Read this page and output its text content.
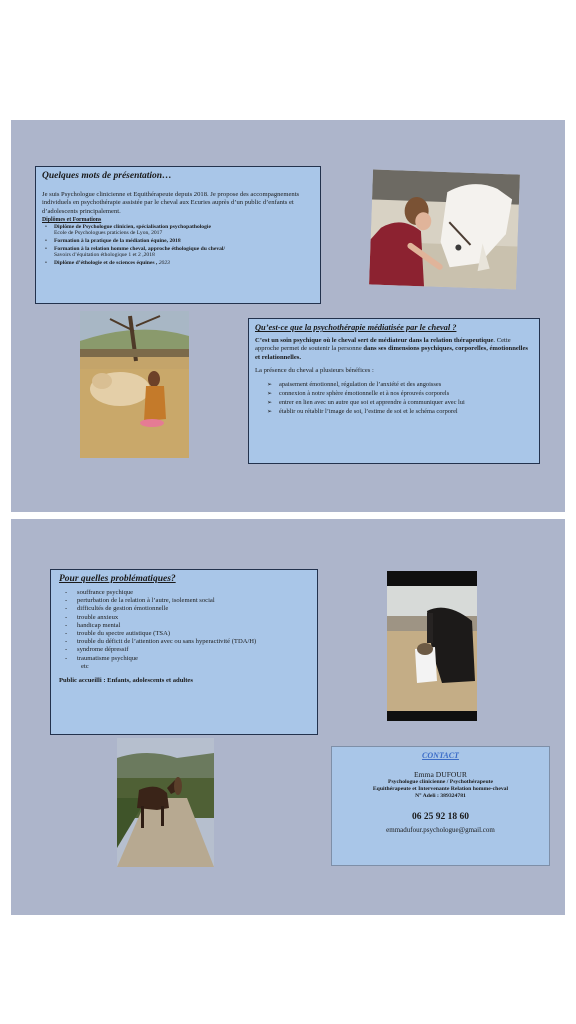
Quelques mots de présentation…

Je suis Psychologue clinicienne et Equithérapeute depuis 2018. Je propose des accompagnements individuels en psychothérapie assistée par le cheval aux Ecuries auprès d’un public d’enfants et d’adolescents principalement.

Diplômes et Formations
• Diplôme de Psychologue clinicien, spécialisation psychopathologie
Ecole de Psychologues praticiens de Lyon, 2017
• Formation à la pratique de la médiation équine, 2018
• Formation à la relation homme cheval, approche éthologique du cheval/
Savoirs d’équitation éthologique 1 et 2 ,2018
• Diplôme d’éthologie et de sciences équines , 2023
Qu’est-ce que la psychothérapie médiatisée par le cheval ?

C’est un soin psychique où le cheval sert de médiateur dans la relation thérapeutique. Cette approche permet de soutenir la personne dans ses dimensions psychiques, corporelles, émotionnelles et relationnelles.

La présence du cheval a plusieurs bénéfices :

➢ apaisement émotionnel, régulation de l’anxiété et des angoisses
➢ connexion à notre sphère émotionnelle et à nos éprouvés corporels
➢ entrer en lien avec un autre que soi et apprendre à communiquer avec lui
➢ établir ou rétablir l’image de soi, l’estime de soi et le schéma corporel
Pour quelles problématiques?
- souffrance psychique
- perturbation de la relation à l’autre, isolement social
- difficultés de gestion émotionnelle
- trouble anxieux
- handicap mental
- trouble du spectre autistique (TSA)
- trouble du déficit de l’attention avec ou sans hyperactivité (TDA/H)
- syndrome dépressif
- traumatisme psychique
etc
Public accueilli : Enfants, adolescents et adultes
CONTACT
Emma DUFOUR
Psychologue clinicienne / Psychothérapeute
Equithérapeute et Intervenante Relation homme-cheval
N° Adeli : 389324781
06 25 92 18 60
emmadufour.psychologue@gmail.com
